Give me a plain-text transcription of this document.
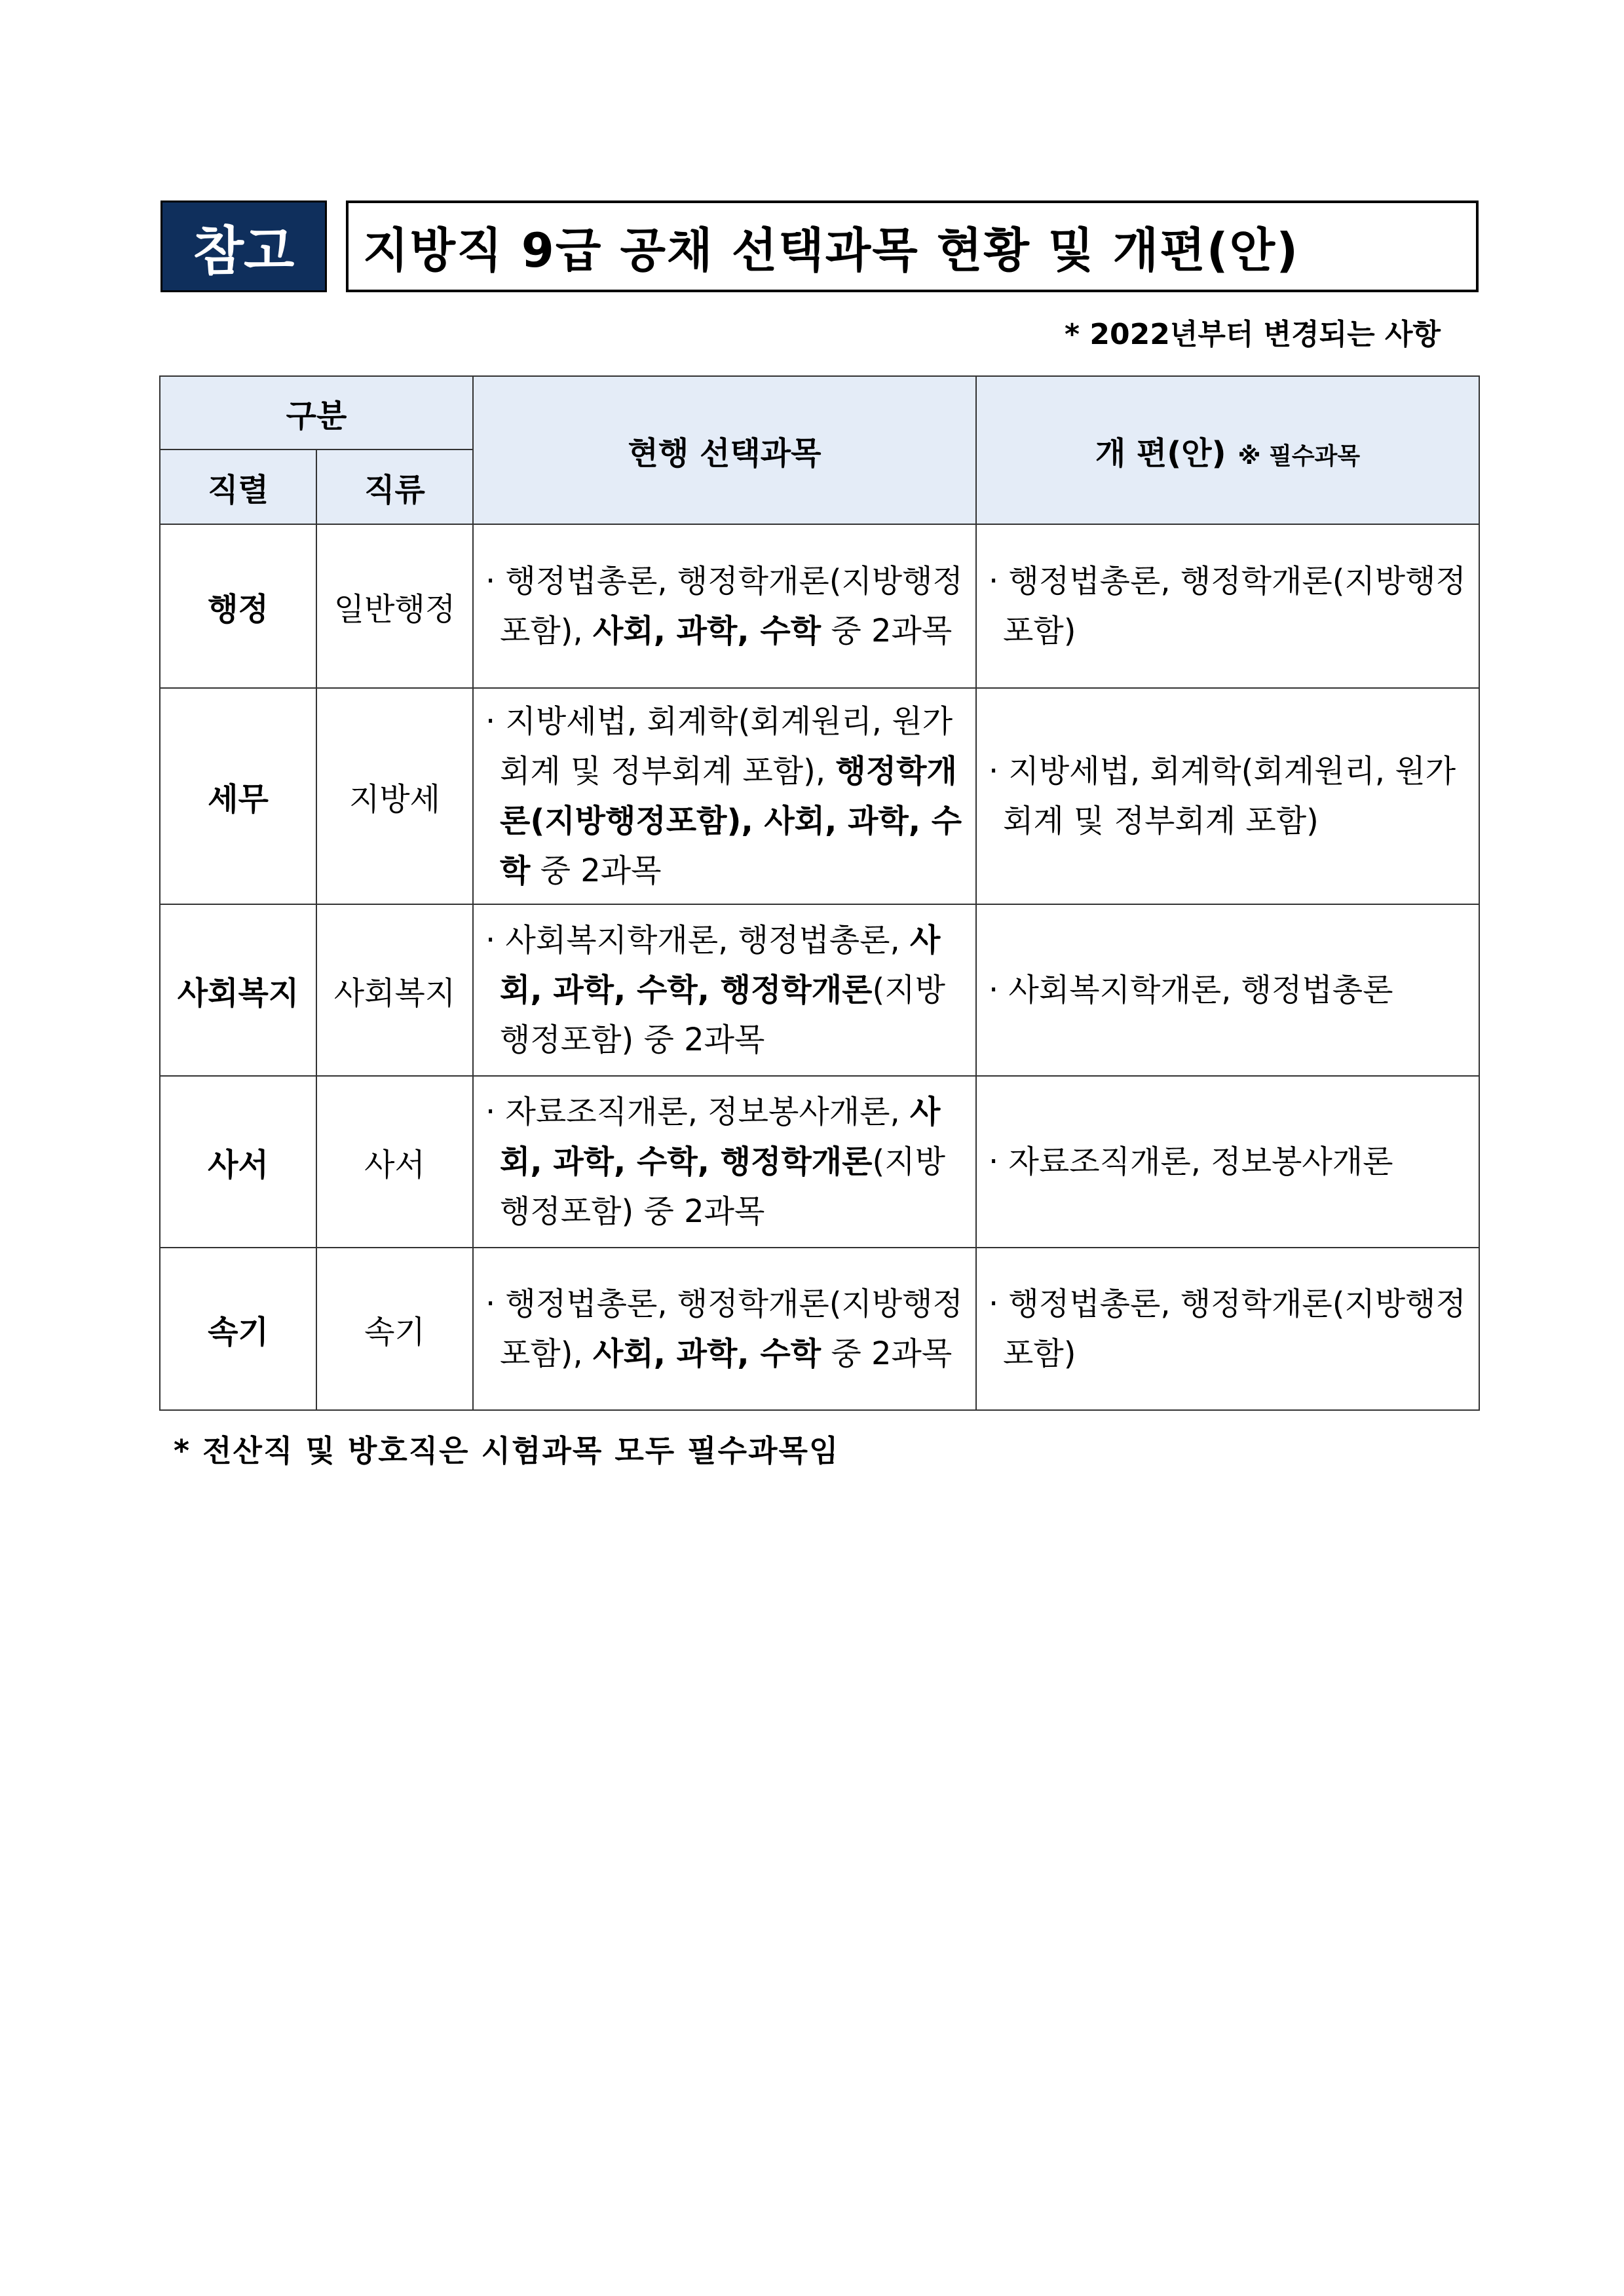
참고	지방직 9급 공채 선택과목 현황 및 개편(안)
* 2022년부터 변경되는 사항
구분		현행 선택과목	개 편(안) ※ 필수과목
직렬	직류		
행정	일반행정	· 행정법총론, 행정학개론(지방행정포함), 사회, 과학, 수학 중 2과목	· 행정법총론, 행정학개론(지방행정포함)
세무	지방세	· 지방세법, 회계학(회계원리, 원가회계 및 정부회계 포함), 행정학개론(지방행정포함), 사회, 과학, 수학 중 2과목	· 지방세법, 회계학(회계원리, 원가회계 및 정부회계 포함)
사회복지	사회복지	· 사회복지학개론, 행정법총론, 사회, 과학, 수학, 행정학개론(지방행정포함) 중 2과목	· 사회복지학개론, 행정법총론
사서	사서	· 자료조직개론, 정보봉사개론, 사회, 과학, 수학, 행정학개론(지방행정포함) 중 2과목	· 자료조직개론, 정보봉사개론
속기	속기	· 행정법총론, 행정학개론(지방행정포함), 사회, 과학, 수학 중 2과목	· 행정법총론, 행정학개론(지방행정포함)
* 전산직 및 방호직은 시험과목 모두 필수과목임
